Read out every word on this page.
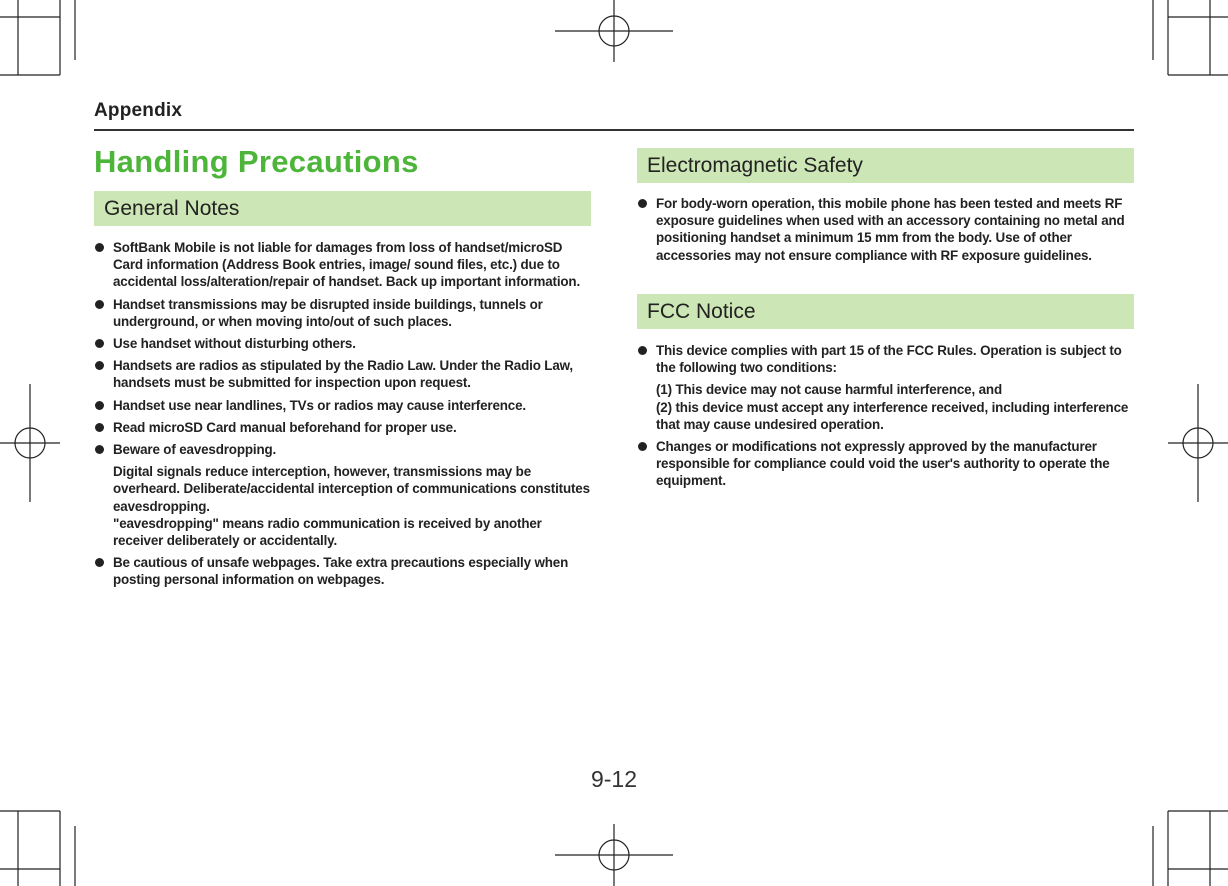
Appendix
Handling Precautions
General Notes
SoftBank Mobile is not liable for damages from loss of handset/microSD Card information (Address Book entries, image/ sound files, etc.) due to accidental loss/alteration/repair of handset. Back up important information.
Handset transmissions may be disrupted inside buildings, tunnels or underground, or when moving into/out of such places.
Use handset without disturbing others.
Handsets are radios as stipulated by the Radio Law. Under the Radio Law, handsets must be submitted for inspection upon request.
Handset use near landlines, TVs or radios may cause interference.
Read microSD Card manual beforehand for proper use.
Beware of eavesdropping.
Digital signals reduce interception, however, transmissions may be overheard. Deliberate/accidental interception of communications constitutes eavesdropping.
"eavesdropping" means radio communication is received by another receiver deliberately or accidentally.
Be cautious of unsafe webpages. Take extra precautions especially when posting personal information on webpages.
Electromagnetic Safety
For body-worn operation, this mobile phone has been tested and meets RF exposure guidelines when used with an accessory containing no metal and positioning handset a minimum 15 mm from the body. Use of other accessories may not ensure compliance with RF exposure guidelines.
FCC Notice
This device complies with part 15 of the FCC Rules. Operation is subject to the following two conditions:
(1) This device may not cause harmful interference, and
(2) this device must accept any interference received, including interference that may cause undesired operation.
Changes or modifications not expressly approved by the manufacturer responsible for compliance could void the user's authority to operate the equipment.
9-12
